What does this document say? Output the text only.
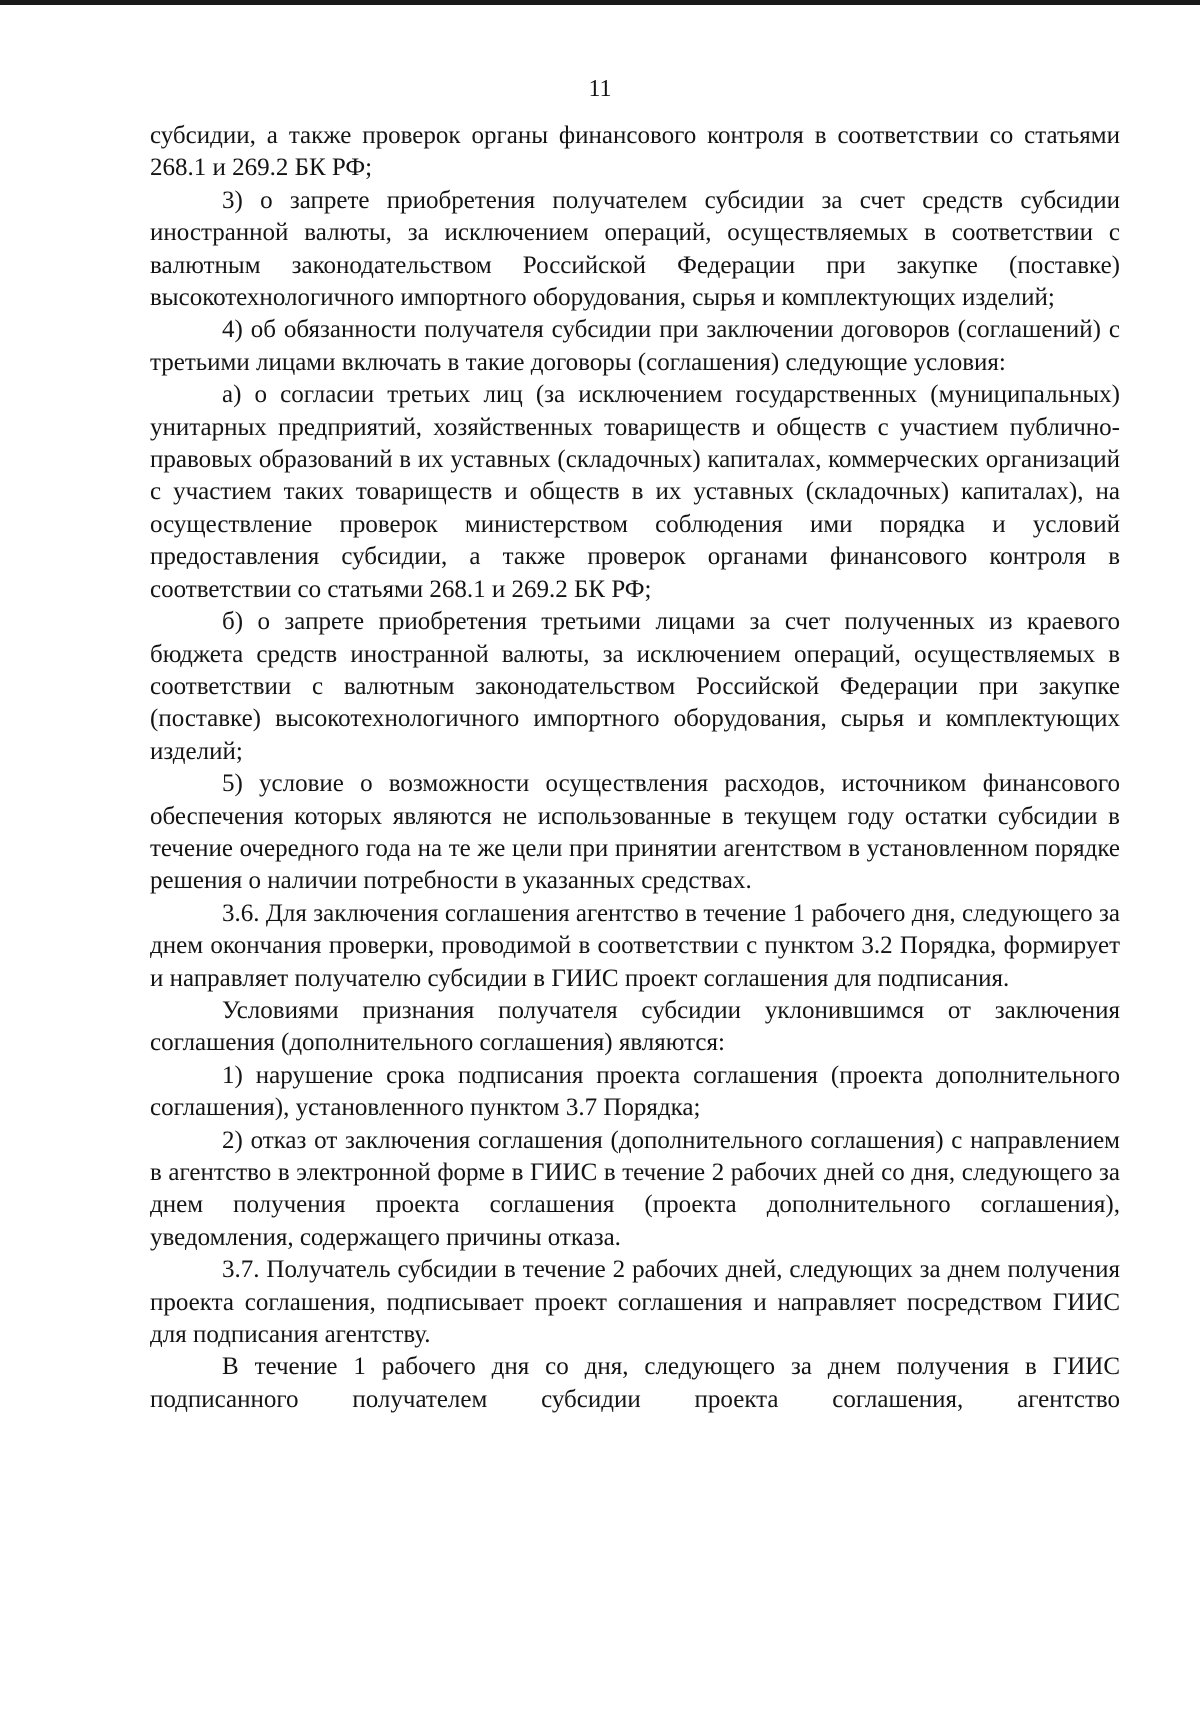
11

субсидии, а также проверок органы финансового контроля в соответствии со статьями 268.1 и 269.2 БК РФ;

3) о запрете приобретения получателем субсидии за счет средств субсидии иностранной валюты, за исключением операций, осуществляемых в соответствии с валютным законодательством Российской Федерации при закупке (поставке) высокотехнологичного импортного оборудования, сырья и комплектующих изделий;

4) об обязанности получателя субсидии при заключении договоров (соглашений) с третьими лицами включать в такие договоры (соглашения) следующие условия:

а) о согласии третьих лиц (за исключением государственных (муниципальных) унитарных предприятий, хозяйственных товариществ и обществ с участием публично-правовых образований в их уставных (складочных) капиталах, коммерческих организаций с участием таких товариществ и обществ в их уставных (складочных) капиталах), на осуществление проверок министерством соблюдения ими порядка и условий предоставления субсидии, а также проверок органами финансового контроля в соответствии со статьями 268.1 и 269.2 БК РФ;

б) о запрете приобретения третьими лицами за счет полученных из краевого бюджета средств иностранной валюты, за исключением операций, осуществляемых в соответствии с валютным законодательством Российской Федерации при закупке (поставке) высокотехнологичного импортного оборудования, сырья и комплектующих изделий;

5) условие о возможности осуществления расходов, источником финансового обеспечения которых являются не использованные в текущем году остатки субсидии в течение очередного года на те же цели при принятии агентством в установленном порядке решения о наличии потребности в указанных средствах.

3.6. Для заключения соглашения агентство в течение 1 рабочего дня, следующего за днем окончания проверки, проводимой в соответствии с пунктом 3.2 Порядка, формирует и направляет получателю субсидии в ГИИС проект соглашения для подписания.

Условиями признания получателя субсидии уклонившимся от заключения соглашения (дополнительного соглашения) являются:

1) нарушение срока подписания проекта соглашения (проекта дополнительного соглашения), установленного пунктом 3.7 Порядка;

2) отказ от заключения соглашения (дополнительного соглашения) с направлением в агентство в электронной форме в ГИИС в течение 2 рабочих дней со дня, следующего за днем получения проекта соглашения (проекта дополнительного соглашения), уведомления, содержащего причины отказа.

3.7. Получатель субсидии в течение 2 рабочих дней, следующих за днем получения проекта соглашения, подписывает проект соглашения и направляет посредством ГИИС для подписания агентству.

В течение 1 рабочего дня со дня, следующего за днем получения в ГИИС подписанного получателем субсидии проекта соглашения, агентство
